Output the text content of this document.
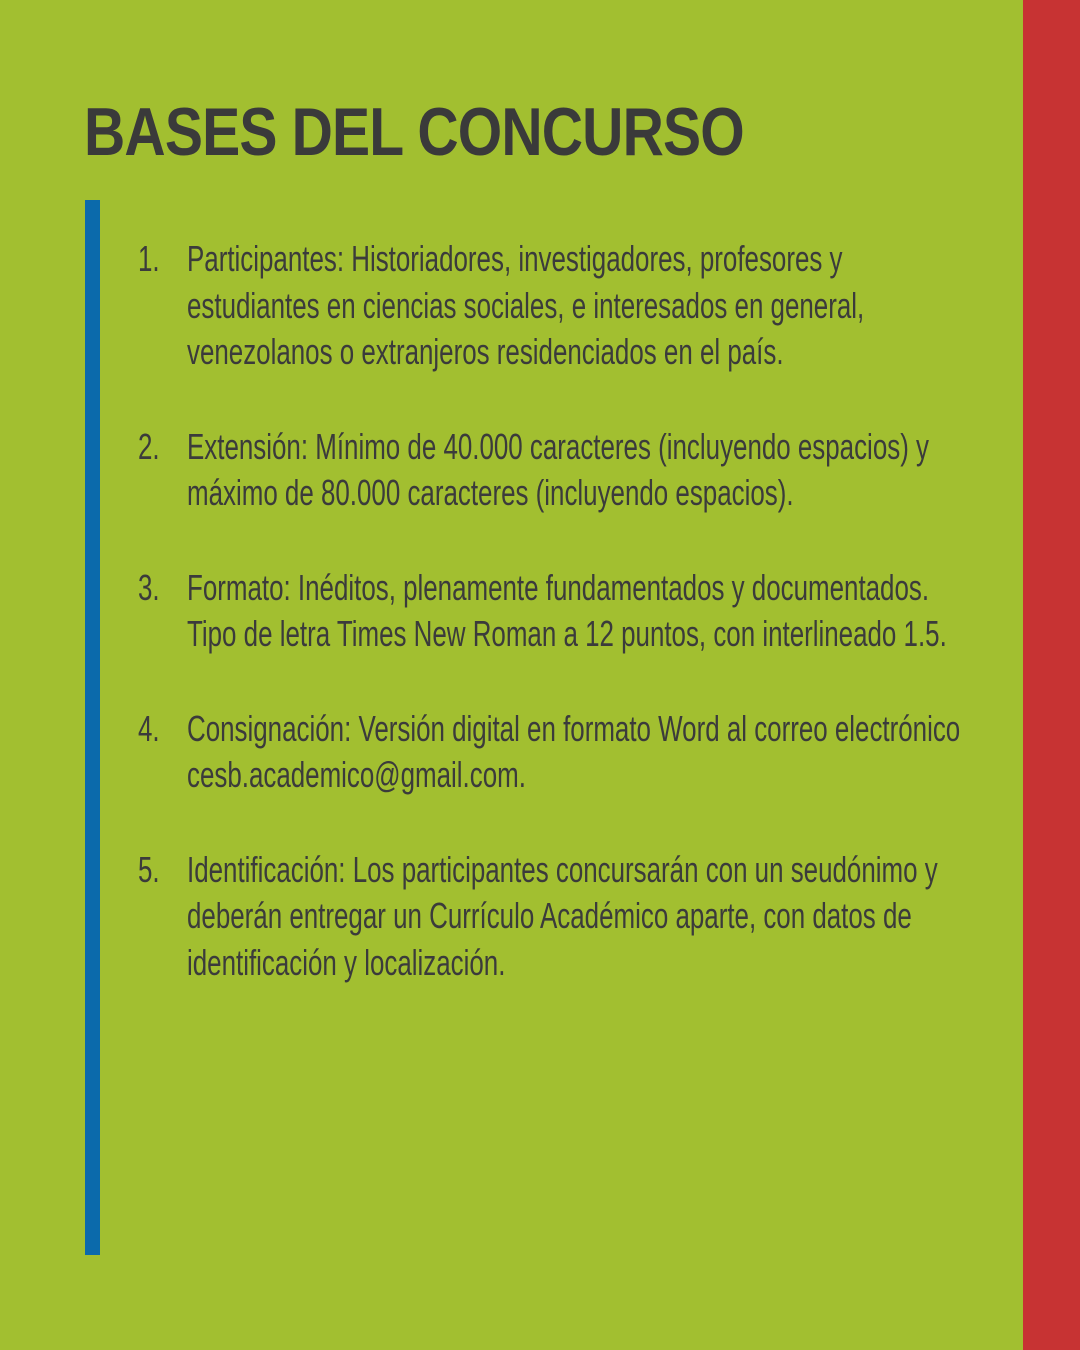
BASES DEL CONCURSO
1. Participantes: Historiadores, investigadores, profesores y estudiantes en ciencias sociales, e interesados en general, venezolanos o extranjeros residenciados en el país.
2. Extensión: Mínimo de 40.000 caracteres (incluyendo espacios) y máximo de 80.000 caracteres (incluyendo espacios).
3. Formato: Inéditos, plenamente fundamentados y documentados. Tipo de letra Times New Roman a 12 puntos, con interlineado 1.5.
4. Consignación: Versión digital en formato Word al correo electrónico cesb.academico@gmail.com.
5. Identificación: Los participantes concursarán con un seudónimo y deberán entregar un Currículo Académico aparte, con datos de identificación y localización.
